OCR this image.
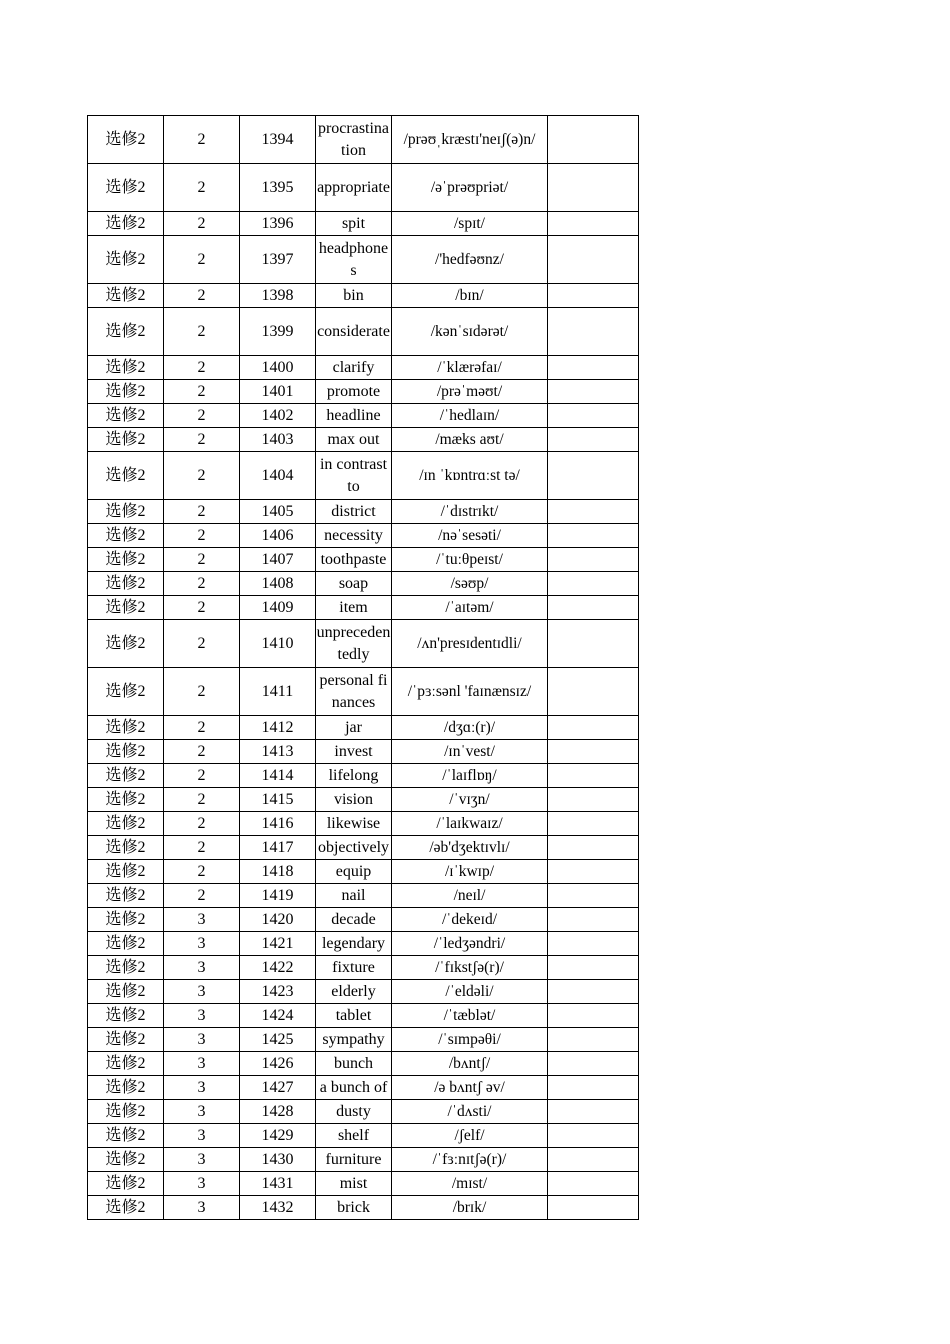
选修2	2	1394	procrastination	/prəʊˌkræstɪ'neɪʃ(ə)n/	
选修2	2	1395	appropriate	/əˈprəʊpriət/	
选修2	2	1396	spit	/spɪt/	
选修2	2	1397	headphones	/'hedfəʊnz/	
选修2	2	1398	bin	/bɪn/	
选修2	2	1399	considerate	/kənˈsɪdərət/	
选修2	2	1400	clarify	/ˈklærəfaɪ/	
选修2	2	1401	promote	/prəˈməʊt/	
选修2	2	1402	headline	/ˈhedlaɪn/	
选修2	2	1403	max out	/mæks aʊt/	
选修2	2	1404	in contrast to	/ɪn ˈkɒntrɑːst tə/	
选修2	2	1405	district	/ˈdɪstrɪkt/	
选修2	2	1406	necessity	/nəˈsesəti/	
选修2	2	1407	toothpaste	/ˈtuːθpeɪst/	
选修2	2	1408	soap	/səʊp/	
选修2	2	1409	item	/ˈaɪtəm/	
选修2	2	1410	unprecedentedly	/ʌn'presɪdentɪdli/	
选修2	2	1411	personal finances	/ˈpɜːsənl 'faɪnænsɪz/	
选修2	2	1412	jar	/dʒɑː(r)/	
选修2	2	1413	invest	/ɪnˈvest/	
选修2	2	1414	lifelong	/ˈlaɪflɒŋ/	
选修2	2	1415	vision	/ˈvɪʒn/	
选修2	2	1416	likewise	/ˈlaɪkwaɪz/	
选修2	2	1417	objectively	/əb'dʒektɪvlɪ/	
选修2	2	1418	equip	/ɪˈkwɪp/	
选修2	2	1419	nail	/neɪl/	
选修2	3	1420	decade	/ˈdekeɪd/	
选修2	3	1421	legendary	/ˈledʒəndri/	
选修2	3	1422	fixture	/ˈfɪkstʃə(r)/	
选修2	3	1423	elderly	/ˈeldəli/	
选修2	3	1424	tablet	/ˈtæblət/	
选修2	3	1425	sympathy	/ˈsɪmpəθi/	
选修2	3	1426	bunch	/bʌntʃ/	
选修2	3	1427	a bunch of	/ə bʌntʃ əv/	
选修2	3	1428	dusty	/ˈdʌsti/	
选修2	3	1429	shelf	/ʃelf/	
选修2	3	1430	furniture	/ˈfɜːnɪtʃə(r)/	
选修2	3	1431	mist	/mɪst/	
选修2	3	1432	brick	/brɪk/	
